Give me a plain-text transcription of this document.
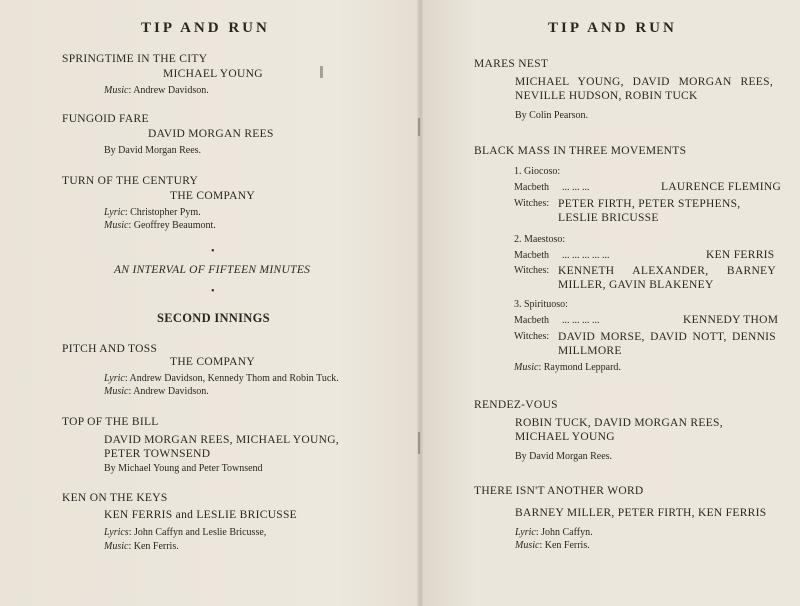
TIP AND RUN
SPRINGTIME IN THE CITY
MICHAEL YOUNG
Music: Andrew Davidson.
FUNGOID FARE
DAVID MORGAN REES
By David Morgan Rees.
TURN OF THE CENTURY
THE COMPANY
Lyric: Christopher Pym.
Music: Geoffrey Beaumont.
•
AN INTERVAL OF FIFTEEN MINUTES
•
SECOND INNINGS
PITCH AND TOSS
THE COMPANY
Lyric: Andrew Davidson, Kennedy Thom and Robin Tuck.
Music: Andrew Davidson.
TOP OF THE BILL
DAVID MORGAN REES, MICHAEL YOUNG, PETER TOWNSEND
By Michael Young and Peter Townsend
KEN ON THE KEYS
KEN FERRIS and LESLIE BRICUSSE
Lyrics: John Caffyn and Leslie Bricusse,
Music: Ken Ferris.
TIP AND RUN
MARES NEST
MICHAEL YOUNG, DAVID MORGAN REES, NEVILLE HUDSON, ROBIN TUCK
By Colin Pearson.
BLACK MASS IN THREE MOVEMENTS
1. Giocoso:
Macbeth ... ... ...	LAURENCE FLEMING
Witches: PETER FIRTH, PETER STEPHENS, LESLIE BRICUSSE
2. Maestoso:
Macbeth ... ... ... ... ...	KEN FERRIS
Witches: KENNETH ALEXANDER, BARNEY MILLER, GAVIN BLAKENEY
3. Spirituoso:
Macbeth ... ... ... ...	KENNEDY THOM
Witches: DAVID MORSE, DAVID NOTT, DENNIS MILLMORE
Music: Raymond Leppard.
RENDEZ-VOUS
ROBIN TUCK, DAVID MORGAN REES, MICHAEL YOUNG
By David Morgan Rees.
THERE ISN'T ANOTHER WORD
BARNEY MILLER, PETER FIRTH, KEN FERRIS
Lyric: John Caffyn.
Music: Ken Ferris.
